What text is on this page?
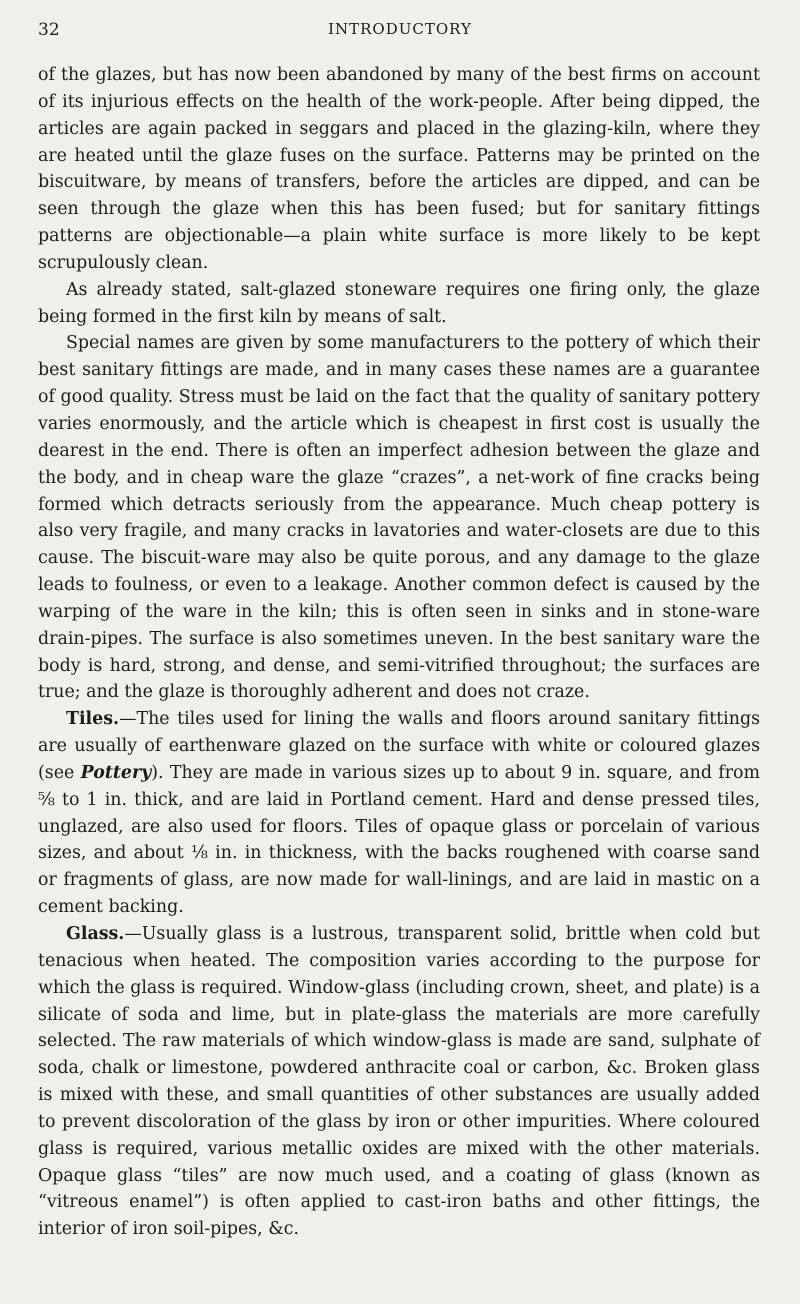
32	INTRODUCTORY

of the glazes, but has now been abandoned by many of the best firms on account of its injurious effects on the health of the work-people. After being dipped, the articles are again packed in seggars and placed in the glazing-kiln, where they are heated until the glaze fuses on the surface. Patterns may be printed on the biscuitware, by means of transfers, before the articles are dipped, and can be seen through the glaze when this has been fused; but for sanitary fittings patterns are objectionable—a plain white surface is more likely to be kept scrupulously clean.

As already stated, salt-glazed stoneware requires one firing only, the glaze being formed in the first kiln by means of salt.

Special names are given by some manufacturers to the pottery of which their best sanitary fittings are made, and in many cases these names are a guarantee of good quality. Stress must be laid on the fact that the quality of sanitary pottery varies enormously, and the article which is cheapest in first cost is usually the dearest in the end. There is often an imperfect adhesion between the glaze and the body, and in cheap ware the glaze “crazes”, a net-work of fine cracks being formed which detracts seriously from the appearance. Much cheap pottery is also very fragile, and many cracks in lavatories and water-closets are due to this cause. The biscuit-ware may also be quite porous, and any damage to the glaze leads to foulness, or even to a leakage. Another common defect is caused by the warping of the ware in the kiln; this is often seen in sinks and in stone-ware drain-pipes. The surface is also sometimes uneven. In the best sanitary ware the body is hard, strong, and dense, and semi-vitrified throughout; the surfaces are true; and the glaze is thoroughly adherent and does not craze.

Tiles.—The tiles used for lining the walls and floors around sanitary fittings are usually of earthenware glazed on the surface with white or coloured glazes (see Pottery). They are made in various sizes up to about 9 in. square, and from ⅝ to 1 in. thick, and are laid in Portland cement. Hard and dense pressed tiles, unglazed, are also used for floors. Tiles of opaque glass or porcelain of various sizes, and about ⅛ in. in thickness, with the backs roughened with coarse sand or fragments of glass, are now made for wall-linings, and are laid in mastic on a cement backing.

Glass.—Usually glass is a lustrous, transparent solid, brittle when cold but tenacious when heated. The composition varies according to the purpose for which the glass is required. Window-glass (including crown, sheet, and plate) is a silicate of soda and lime, but in plate-glass the materials are more carefully selected. The raw materials of which window-glass is made are sand, sulphate of soda, chalk or limestone, powdered anthracite coal or carbon, &c. Broken glass is mixed with these, and small quantities of other substances are usually added to prevent discoloration of the glass by iron or other impurities. Where coloured glass is required, various metallic oxides are mixed with the other materials. Opaque glass “tiles” are now much used, and a coating of glass (known as “vitreous enamel”) is often applied to cast-iron baths and other fittings, the interior of iron soil-pipes, &c.
